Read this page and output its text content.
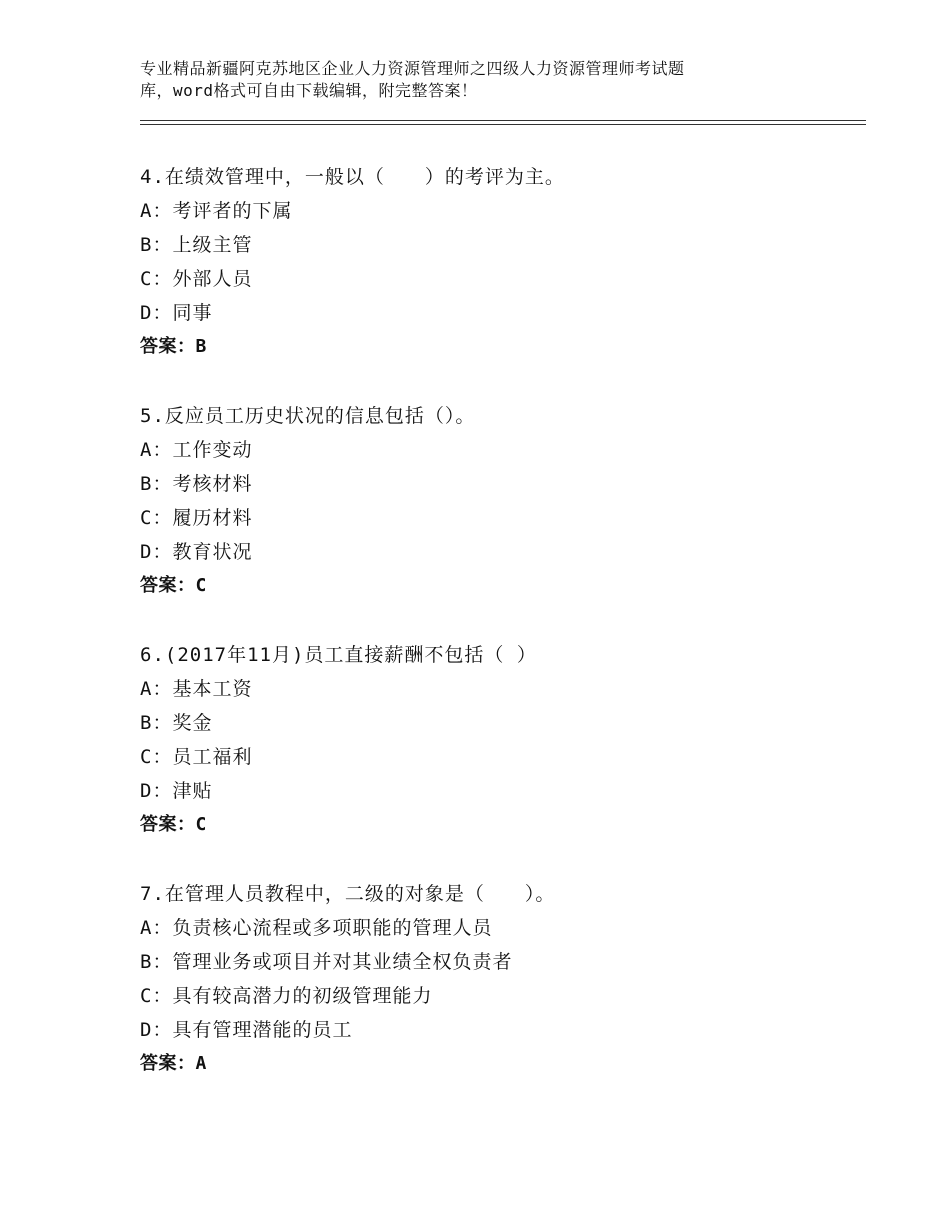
专业精品新疆阿克苏地区企业人力资源管理师之四级人力资源管理师考试题
库，word格式可自由下载编辑，附完整答案！
4.在绩效管理中，一般以（　　）的考评为主。
A：考评者的下属
B：上级主管
C：外部人员
D：同事
答案：B
5.反应员工历史状况的信息包括（）。
A：工作变动
B：考核材料
C：履历材料
D：教育状况
答案：C
6.(2017年11月)员工直接薪酬不包括（ ）
A：基本工资
B：奖金
C：员工福利
D：津贴
答案：C
7.在管理人员教程中，二级的对象是（　　）。
A：负责核心流程或多项职能的管理人员
B：管理业务或项目并对其业绩全权负责者
C：具有较高潜力的初级管理能力
D：具有管理潜能的员工
答案：A
